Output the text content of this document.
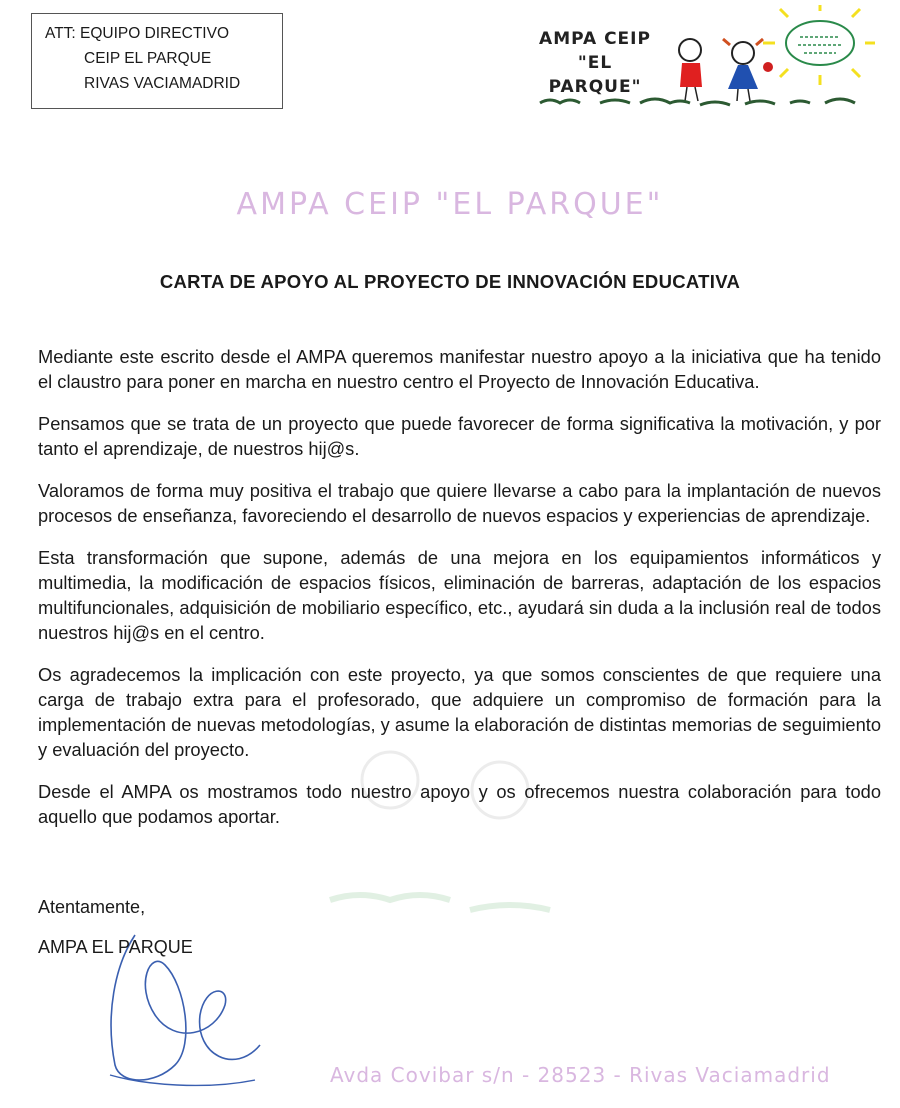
ATT: EQUIPO DIRECTIVO
CEIP EL PARQUE
RIVAS VACIAMADRID
AMPA CEIP
"EL PARQUE"
AMPA CEIP "EL PARQUE"
CARTA DE APOYO AL PROYECTO DE INNOVACIÓN EDUCATIVA

Mediante este escrito desde el AMPA queremos manifestar nuestro apoyo a la iniciativa que ha tenido el claustro para poner en marcha en nuestro centro el Proyecto de Innovación Educativa.

Pensamos que se trata de un proyecto que puede favorecer de forma significativa la motivación, y por tanto el aprendizaje, de nuestros hij@s.

Valoramos de forma muy positiva el trabajo que quiere llevarse a cabo para la implantación de nuevos procesos de enseñanza, favoreciendo el desarrollo de nuevos espacios y experiencias de aprendizaje.

Esta transformación que supone, además de una mejora en los equipamientos informáticos y multimedia, la modificación de espacios físicos, eliminación de barreras, adaptación de los espacios multifuncionales, adquisición de mobiliario específico, etc., ayudará sin duda a la inclusión real de todos nuestros hij@s en el centro.

Os agradecemos la implicación con este proyecto, ya que somos conscientes de que requiere una carga de trabajo extra para el profesorado, que adquiere un compromiso de formación para la implementación de nuevas metodologías, y asume la elaboración de distintas memorias de seguimiento y evaluación del proyecto.

Desde el AMPA os mostramos todo nuestro apoyo y os ofrecemos nuestra colaboración para todo aquello que podamos aportar.

Atentamente,
AMPA EL PARQUE
Avda Covibar s/n - 28523 - Rivas Vaciamadrid
